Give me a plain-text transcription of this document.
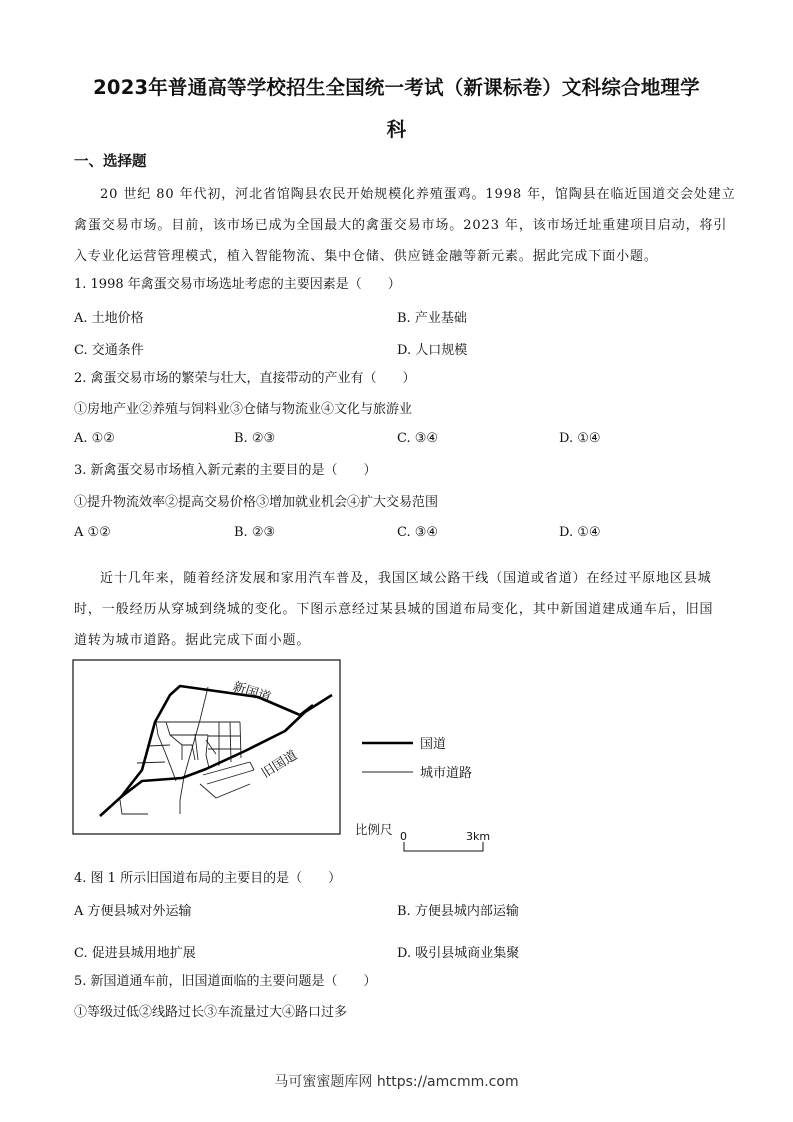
2023年普通高等学校招生全国统一考试（新课标卷）文科综合地理学
科
一、选择题
20 世纪 80 年代初，河北省馆陶县农民开始规模化养殖蛋鸡。1998 年，馆陶县在临近国道交会处建立
禽蛋交易市场。目前，该市场已成为全国最大的禽蛋交易市场。2023 年，该市场迁址重建项目启动，将引
入专业化运营管理模式，植入智能物流、集中仓储、供应链金融等新元素。据此完成下面小题。
1. 1998 年禽蛋交易市场选址考虑的主要因素是（　　）
A. 土地价格	B. 产业基础
C. 交通条件	D. 人口规模
2. 禽蛋交易市场的繁荣与壮大，直接带动的产业有（　　）
①房地产业②养殖与饲料业③仓储与物流业④文化与旅游业
A. ①②	B. ②③	C. ③④	D. ①④
3. 新禽蛋交易市场植入新元素的主要目的是（　　）
①提升物流效率②提高交易价格③增加就业机会④扩大交易范围
A ①②	B. ②③	C. ③④	D. ①④
近十几年来，随着经济发展和家用汽车普及，我国区域公路干线（国道或省道）在经过平原地区县城
时，一般经历从穿城到绕城的变化。下图示意经过某县城的国道布局变化，其中新国道建成通车后，旧国
道转为城市道路。据此完成下面小题。
新国道
旧国道
国道
城市道路
比例尺 0	3km
4. 图 1 所示旧国道布局的主要目的是（　　）
A 方便县城对外运输	B. 方便县城内部运输
C. 促进县城用地扩展	D. 吸引县城商业集聚
5. 新国道通车前，旧国道面临的主要问题是（　　）
①等级过低②线路过长③车流量过大④路口过多
马可蜜蜜题库网 https://amcmm.com
